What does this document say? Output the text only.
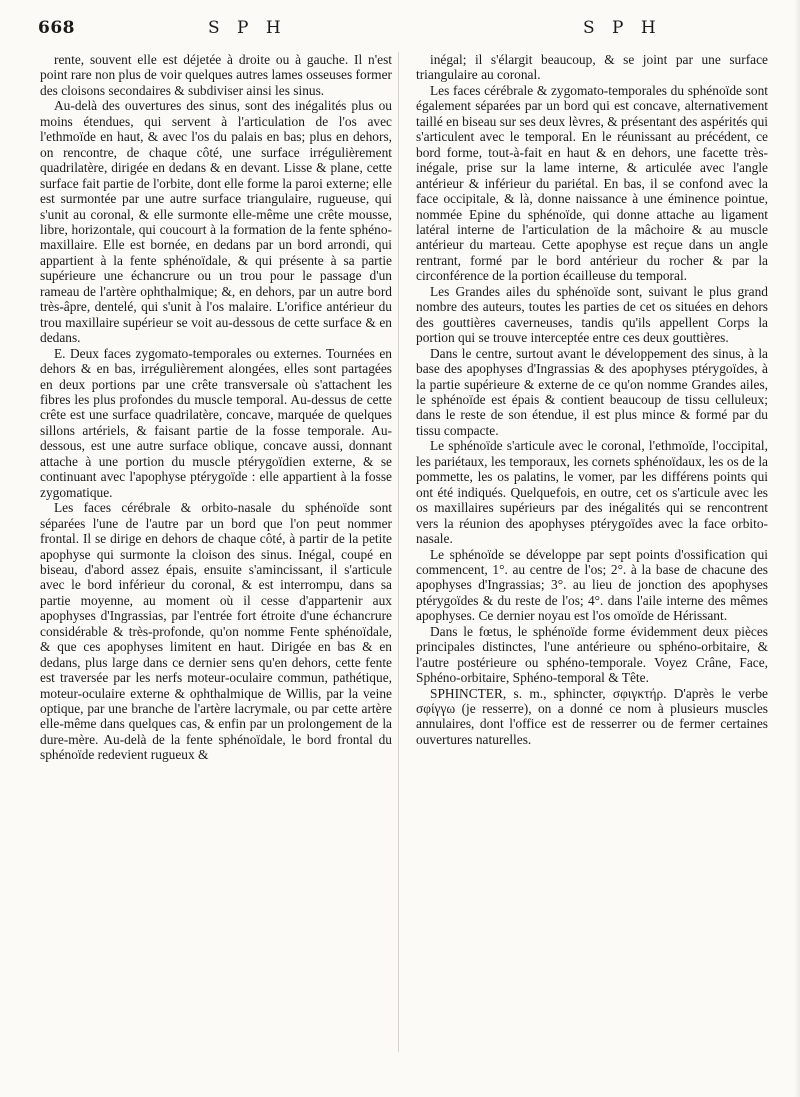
668	S P H	S P H

rente, souvent elle est déjetée à droite ou à gauche. Il n'est point rare non plus de voir quelques autres lames osseuses former des cloisons secondaires & subdiviser ainsi les sinus.

Au-delà des ouvertures des sinus, sont des inégalités plus ou moins étendues, qui servent à l'articulation de l'os avec l'ethmoïde en haut, & avec l'os du palais en bas; plus en dehors, on rencontre, de chaque côté, une surface irrégulièrement quadrilatère, dirigée en dedans & en devant. Lisse & plane, cette surface fait partie de l'orbite, dont elle forme la paroi externe; elle est surmontée par une autre surface triangulaire, rugueuse, qui s'unit au coronal, & elle surmonte elle-même une crête mousse, libre, horizontale, qui coucourt à la formation de la fente sphéno-maxillaire. Elle est bornée, en dedans par un bord arrondi, qui appartient à la fente sphénoïdale, & qui présente à sa partie supérieure une échancrure ou un trou pour le passage d'un rameau de l'artère ophthalmique; &, en dehors, par un autre bord très-âpre, dentelé, qui s'unit à l'os malaire. L'orifice antérieur du trou maxillaire supérieur se voit au-dessous de cette surface & en dedans.

E. Deux faces zygomato-temporales ou externes. Tournées en dehors & en bas, irrégulièrement alongées, elles sont partagées en deux portions par une crête transversale où s'attachent les fibres les plus profondes du muscle temporal. Au-dessus de cette crête est une surface quadrilatère, concave, marquée de quelques sillons artériels, & faisant partie de la fosse temporale. Au-dessous, est une autre surface oblique, concave aussi, donnant attache à une portion du muscle ptérygoïdien externe, & se continuant avec l'apophyse ptérygoïde : elle appartient à la fosse zygomatique.

Les faces cérébrale & orbito-nasale du sphénoïde sont séparées l'une de l'autre par un bord que l'on peut nommer frontal. Il se dirige en dehors de chaque côté, à partir de la petite apophyse qui surmonte la cloison des sinus. Inégal, coupé en biseau, d'abord assez épais, ensuite s'amincissant, il s'articule avec le bord inférieur du coronal, & est interrompu, dans sa partie moyenne, au moment où il cesse d'appartenir aux apophyses d'Ingrassias, par l'entrée fort étroite d'une échancrure considérable & très-profonde, qu'on nomme Fente sphénoïdale, & que ces apophyses limitent en haut. Dirigée en bas & en dedans, plus large dans ce dernier sens qu'en dehors, cette fente est traversée par les nerfs moteur-oculaire commun, pathétique, moteur-oculaire externe & ophthalmique de Willis, par la veine optique, par une branche de l'artère lacrymale, ou par cette artère elle-même dans quelques cas, & enfin par un prolongement de la dure-mère. Au-delà de la fente sphénoïdale, le bord frontal du sphénoïde redevient rugueux &

inégal; il s'élargit beaucoup, & se joint par une surface triangulaire au coronal.

Les faces cérébrale & zygomato-temporales du sphénoïde sont également séparées par un bord qui est concave, alternativement taillé en biseau sur ses deux lèvres, & présentant des aspérités qui s'articulent avec le temporal. En le réunissant au précédent, ce bord forme, tout-à-fait en haut & en dehors, une facette très-inégale, prise sur la lame interne, & articulée avec l'angle antérieur & inférieur du pariétal. En bas, il se confond avec la face occipitale, & là, donne naissance à une éminence pointue, nommée Epine du sphénoïde, qui donne attache au ligament latéral interne de l'articulation de la mâchoire & au muscle antérieur du marteau. Cette apophyse est reçue dans un angle rentrant, formé par le bord antérieur du rocher & par la circonférence de la portion écailleuse du temporal.

Les Grandes ailes du sphénoïde sont, suivant le plus grand nombre des auteurs, toutes les parties de cet os situées en dehors des gouttières caverneuses, tandis qu'ils appellent Corps la portion qui se trouve interceptée entre ces deux gouttières.

Dans le centre, surtout avant le développement des sinus, à la base des apophyses d'Ingrassias & des apophyses ptérygoïdes, à la partie supérieure & externe de ce qu'on nomme Grandes ailes, le sphénoïde est épais & contient beaucoup de tissu celluleux; dans le reste de son étendue, il est plus mince & formé par du tissu compacte.

Le sphénoïde s'articule avec le coronal, l'ethmoïde, l'occipital, les pariétaux, les temporaux, les cornets sphénoïdaux, les os de la pommette, les os palatins, le vomer, par les différens points qui ont été indiqués. Quelquefois, en outre, cet os s'articule avec les os maxillaires supérieurs par des inégalités qui se rencontrent vers la réunion des apophyses ptérygoïdes avec la face orbito-nasale.

Le sphénoïde se développe par sept points d'ossification qui commencent, 1°. au centre de l'os; 2°. à la base de chacune des apophyses d'Ingrassias; 3°. au lieu de jonction des apophyses ptérygoïdes & du reste de l'os; 4°. dans l'aile interne des mêmes apophyses. Ce dernier noyau est l'os omoïde de Hérissant.

Dans le fœtus, le sphénoïde forme évidemment deux pièces principales distinctes, l'une antérieure ou sphéno-orbitaire, & l'autre postérieure ou sphéno-temporale. Voyez Crâne, Face, Sphéno-orbitaire, Sphéno-temporal & Tête.

SPHINCTER, s. m., sphincter, σφιγκτήρ. D'après le verbe σφίγγω (je resserre), on a donné ce nom à plusieurs muscles annulaires, dont l'office est de resserrer ou de fermer certaines ouvertures naturelles.
